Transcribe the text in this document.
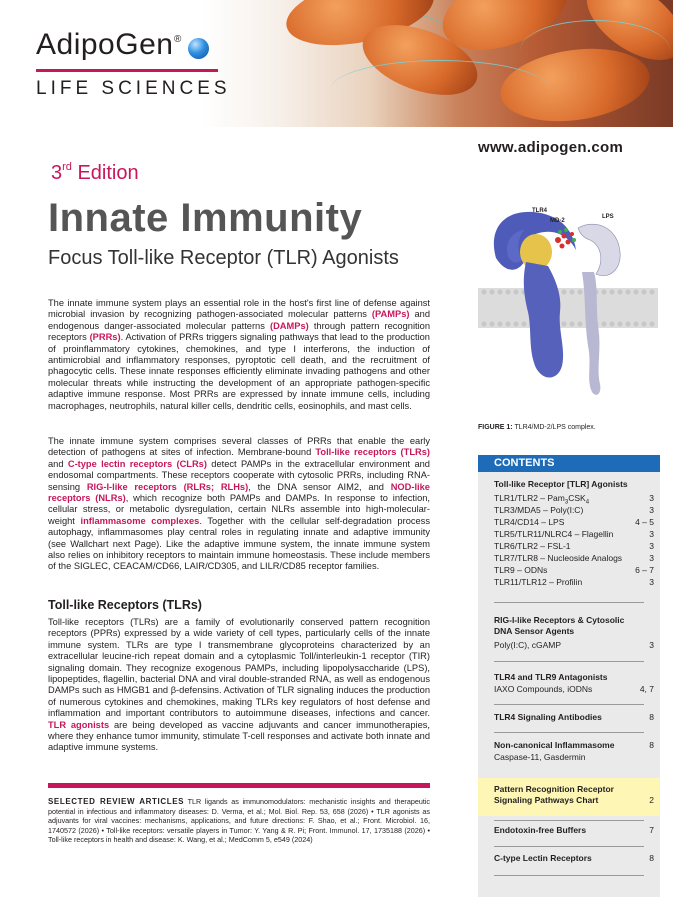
AdipoGen ®
LIFE SCIENCES
www.adipogen.com
3rd Edition
Innate Immunity
Focus Toll-like Receptor (TLR) Agonists
TLR4
MD-2
LPS
FIGURE 1: TLR4/MD-2/LPS complex.
The innate immune system plays an essential role in the host's first line of defense against microbial invasion by recognizing pathogen-associated molecular patterns (PAMPs) and endogenous danger-associated molecular patterns (DAMPs) through pattern recognition receptors (PRRs). Activation of PRRs triggers signaling pathways that lead to the production of proinflammatory cytokines, chemokines, and type I interferons, the induction of antimicrobial and inflammatory responses, pyroptotic cell death, and the recruitment of phagocytic cells. These innate responses efficiently eliminate invading pathogens and other molecular threats while instructing the development of an appropriate pathogen-specific adaptive immune response. Most PRRs are expressed by innate immune cells, including macrophages, neutrophils, natural killer cells, dendritic cells, eosinophils, and mast cells.
The innate immune system comprises several classes of PRRs that enable the early detection of pathogens at sites of infection. Membrane-bound Toll-like receptors (TLRs) and C-type lectin receptors (CLRs) detect PAMPs in the extracellular environment and endosomal compartments. These receptors cooperate with cytosolic PRRs, including RNA-sensing RIG-I-like receptors (RLRs; RLHs), the DNA sensor AIM2, and NOD-like receptors (NLRs), which recognize both PAMPs and DAMPs. In response to infection, cellular stress, or metabolic dysregulation, certain NLRs assemble into high-molecular-weight inflammasome complexes. Together with the cellular self-degradation process autophagy, inflammasomes play central roles in regulating innate and adaptive immunity (see Wallchart next Page). Like the adaptive immune system, the innate immune system also relies on inhibitory receptors to maintain immune homeostasis. These include members of the SIGLEC, CEACAM/CD66, LAIR/CD305, and LILR/CD85 receptor families.
Toll-like Receptors (TLRs)
Toll-like receptors (TLRs) are a family of evolutionarily conserved pattern recognition receptors (PPRs) expressed by a wide variety of cell types, particularly cells of the innate immune system. TLRs are type I transmembrane glycoproteins characterized by an extracellular leucine-rich repeat domain and a cytoplasmic Toll/interleukin-1 receptor (TIR) signaling domain. They recognize exogenous PAMPs, including lipopolysaccharide (LPS), lipopeptides, flagellin, bacterial DNA and viral double-stranded RNA, as well as endogenous DAMPs such as HMGB1 and β-defensins. Activation of TLR signaling induces the production of numerous cytokines and chemokines, making TLRs key regulators of host defense and inflammation and important contributors to autoimmune diseases, infections and cancer. TLR agonists are being developed as vaccine adjuvants and cancer immunotherapies, where they enhance tumor immunity, stimulate T-cell responses and activate both innate and adaptive immune systems.
SELECTED REVIEW ARTICLES TLR ligands as immunomodulators: mechanistic insights and therapeutic potential in infectious and inflammatory diseases: D. Verma, et al.; Mol. Biol. Rep. 53, 658 (2026) • TLR agonists as adjuvants for viral vaccines: mechanisms, applications, and future directions: F. Shao, et al.; Front. Microbiol. 16, 1740572 (2026) • Toll-like receptors: versatile players in Tumor: Y. Yang & R. Pi; Front. Immunol. 17, 1735188 (2026) • Toll-like receptors in health and disease: K. Wang, et al.; MedComm 5, e549 (2024)
CONTENTS
Toll-like Receptor [TLR] Agonists
$TLR1/TLR2 - Pam_3CSK_4$	3
TLR3/MDA5 – Poly(I:C)	3
TLR4/CD14 – LPS	4 – 5
TLR5/TLR11/NLRC4 – Flagellin	3
TLR6/TLR2 – FSL-1	3
TLR7/TLR8 – Nucleoside Analogs	3
TLR9 – ODNs	6 – 7
TLR11/TLR12 – Profilin	3
RIG-I-like Receptors & Cytosolic DNA Sensor Agents
Poly(I:C), cGAMP	3
TLR4 and TLR9 Antagonists
IAXO Compounds, iODNs	4, 7
TLR4 Signaling Antibodies	8
Non-canonical Inflammasome	8
Caspase-11, Gasdermin
Pattern Recognition Receptor Signaling Pathways Chart	2
Endotoxin-free Buffers	7
C-type Lectin Receptors	8
